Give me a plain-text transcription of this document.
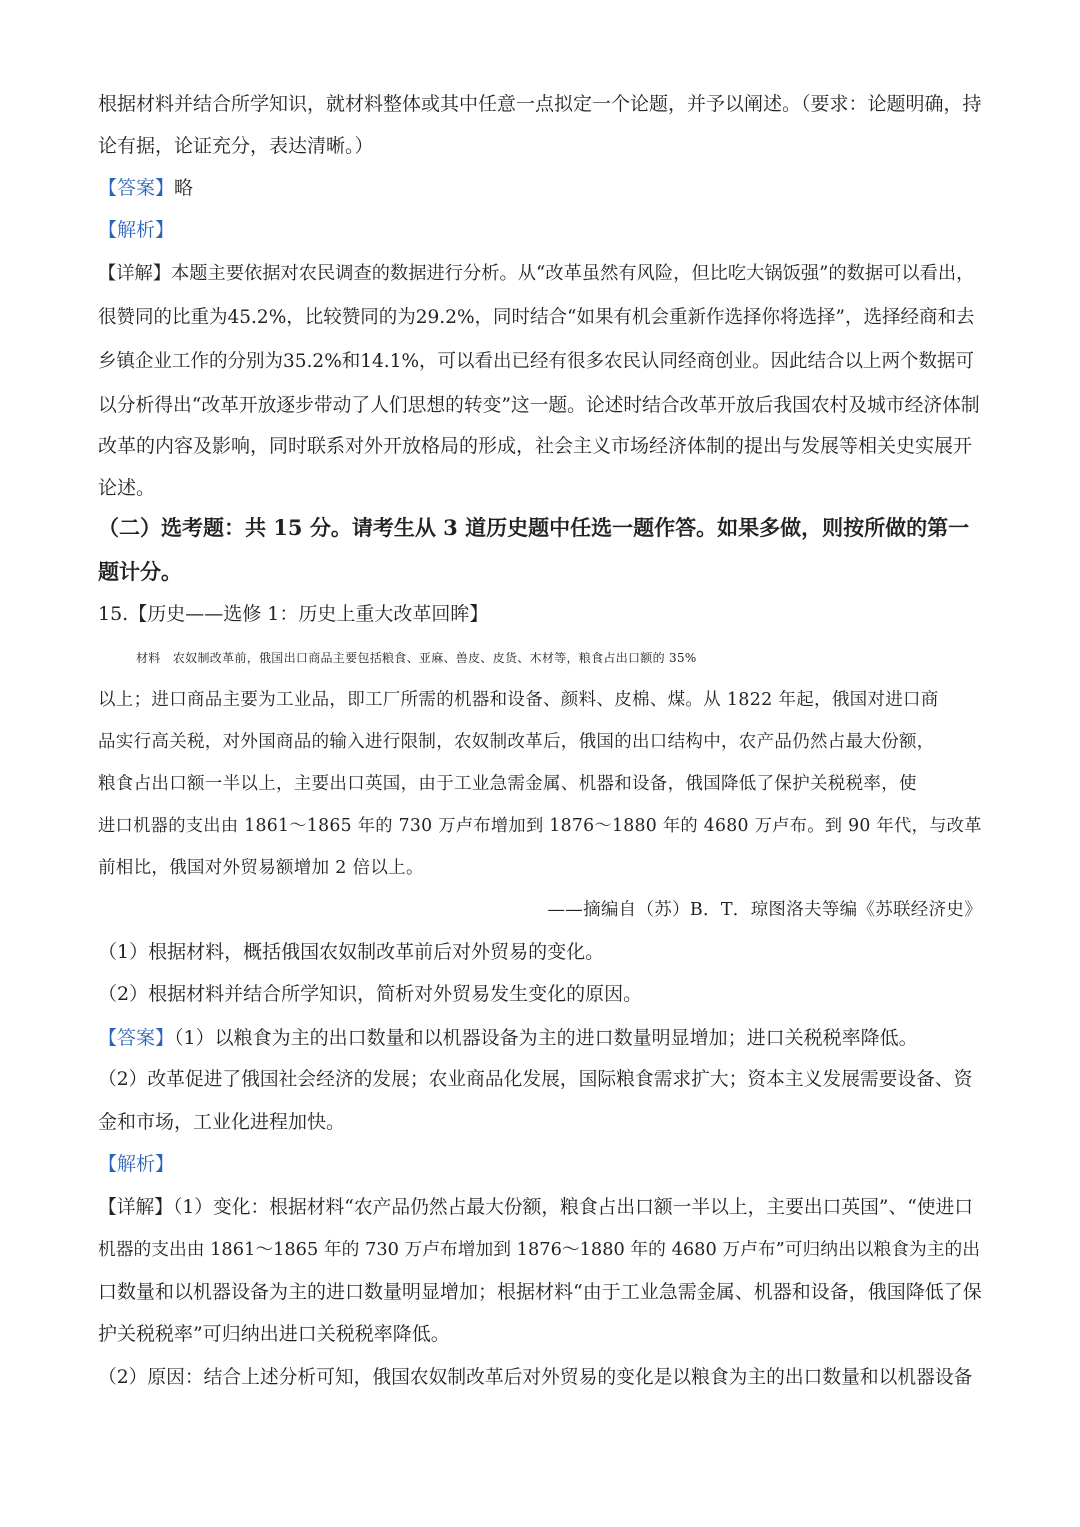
根据材料并结合所学知识，就材料整体或其中任意一点拟定一个论题，并予以阐述。（要求：论题明确，持

论有据，论证充分，表达清晰。）

【答案】略

【解析】

【详解】本题主要依据对农民调查的数据进行分析。从“改革虽然有风险，但比吃大锅饭强”的数据可以看出，

很赞同的比重为45.2%，比较赞同的为29.2%，同时结合“如果有机会重新作选择你将选择”，选择经商和去

乡镇企业工作的分别为35.2%和14.1%，可以看出已经有很多农民认同经商创业。因此结合以上两个数据可

以分析得出“改革开放逐步带动了人们思想的转变”这一题。论述时结合改革开放后我国农村及城市经济体制

改革的内容及影响，同时联系对外开放格局的形成，社会主义市场经济体制的提出与发展等相关史实展开

论述。

（二）选考题：共 15 分。请考生从 3 道历史题中任选一题作答。如果多做，则按所做的第一

题计分。

15.【历史——选修 1：历史上重大改革回眸】

材料　农奴制改革前，俄国出口商品主要包括粮食、亚麻、兽皮、皮货、木材等，粮食占出口额的 35%

以上；进口商品主要为工业品，即工厂所需的机器和设备、颜料、皮棉、煤。从 1822 年起，俄国对进口商

品实行高关税，对外国商品的输入进行限制，农奴制改革后，俄国的出口结构中，农产品仍然占最大份额，

粮食占出口额一半以上，主要出口英国，由于工业急需金属、机器和设备，俄国降低了保护关税税率，使

进口机器的支出由 1861～1865 年的 730 万卢布增加到 1876～1880 年的 4680 万卢布。到 90 年代，与改革

前相比，俄国对外贸易额增加 2 倍以上。

——摘编自（苏）B．T．琼图洛夫等编《苏联经济史》

（1）根据材料，概括俄国农奴制改革前后对外贸易的变化。

（2）根据材料并结合所学知识，简析对外贸易发生变化的原因。

【答案】（1）以粮食为主的出口数量和以机器设备为主的进口数量明显增加；进口关税税率降低。

（2）改革促进了俄国社会经济的发展；农业商品化发展，国际粮食需求扩大；资本主义发展需要设备、资

金和市场，工业化进程加快。

【解析】

【详解】（1）变化：根据材料“农产品仍然占最大份额，粮食占出口额一半以上，主要出口英国”、“使进口

机器的支出由 1861～1865 年的 730 万卢布增加到 1876～1880 年的 4680 万卢布”可归纳出以粮食为主的出

口数量和以机器设备为主的进口数量明显增加；根据材料“由于工业急需金属、机器和设备，俄国降低了保

护关税税率”可归纳出进口关税税率降低。

（2）原因：结合上述分析可知，俄国农奴制改革后对外贸易的变化是以粮食为主的出口数量和以机器设备
